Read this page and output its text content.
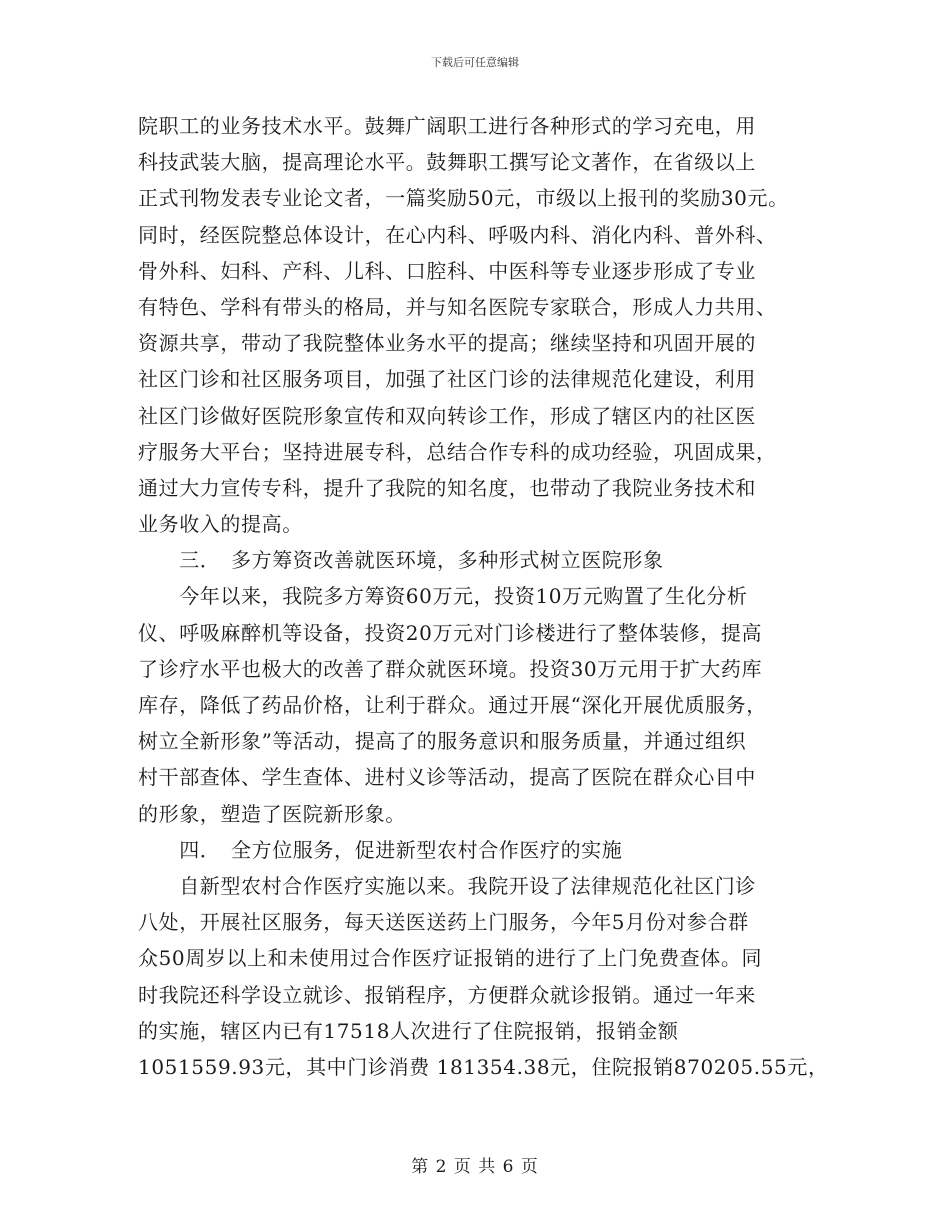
下载后可任意编辑
院职工的业务技术水平。鼓舞广阔职工进行各种形式的学习充电，用
科技武装大脑，提高理论水平。鼓舞职工撰写论文著作，在省级以上
正式刊物发表专业论文者，一篇奖励50元，市级以上报刊的奖励30元。
同时，经医院整总体设计，在心内科、呼吸内科、消化内科、普外科、
骨外科、妇科、产科、儿科、口腔科、中医科等专业逐步形成了专业
有特色、学科有带头的格局，并与知名医院专家联合，形成人力共用、
资源共享，带动了我院整体业务水平的提高；继续坚持和巩固开展的
社区门诊和社区服务项目，加强了社区门诊的法律规范化建设，利用
社区门诊做好医院形象宣传和双向转诊工作，形成了辖区内的社区医
疗服务大平台；坚持进展专科，总结合作专科的成功经验，巩固成果，
通过大力宣传专科，提升了我院的知名度，也带动了我院业务技术和
业务收入的提高。
　　三．　多方筹资改善就医环境，多种形式树立医院形象
　　今年以来，我院多方筹资60万元，投资10万元购置了生化分析
仪、呼吸麻醉机等设备，投资20万元对门诊楼进行了整体装修，提高
了诊疗水平也极大的改善了群众就医环境。投资30万元用于扩大药库
库存，降低了药品价格，让利于群众。通过开展“深化开展优质服务，
树立全新形象”等活动，提高了的服务意识和服务质量，并通过组织
村干部查体、学生查体、进村义诊等活动，提高了医院在群众心目中
的形象，塑造了医院新形象。
　　四．　全方位服务，促进新型农村合作医疗的实施
　　自新型农村合作医疗实施以来。我院开设了法律规范化社区门诊
八处，开展社区服务，每天送医送药上门服务，今年5月份对参合群
众50周岁以上和未使用过合作医疗证报销的进行了上门免费查体。同
时我院还科学设立就诊、报销程序，方便群众就诊报销。通过一年来
的实施，辖区内已有17518人次进行了住院报销，报销金额
1051559.93元，其中门诊消费 181354.38元，住院报销870205.55元，
第 2 页 共 6 页
